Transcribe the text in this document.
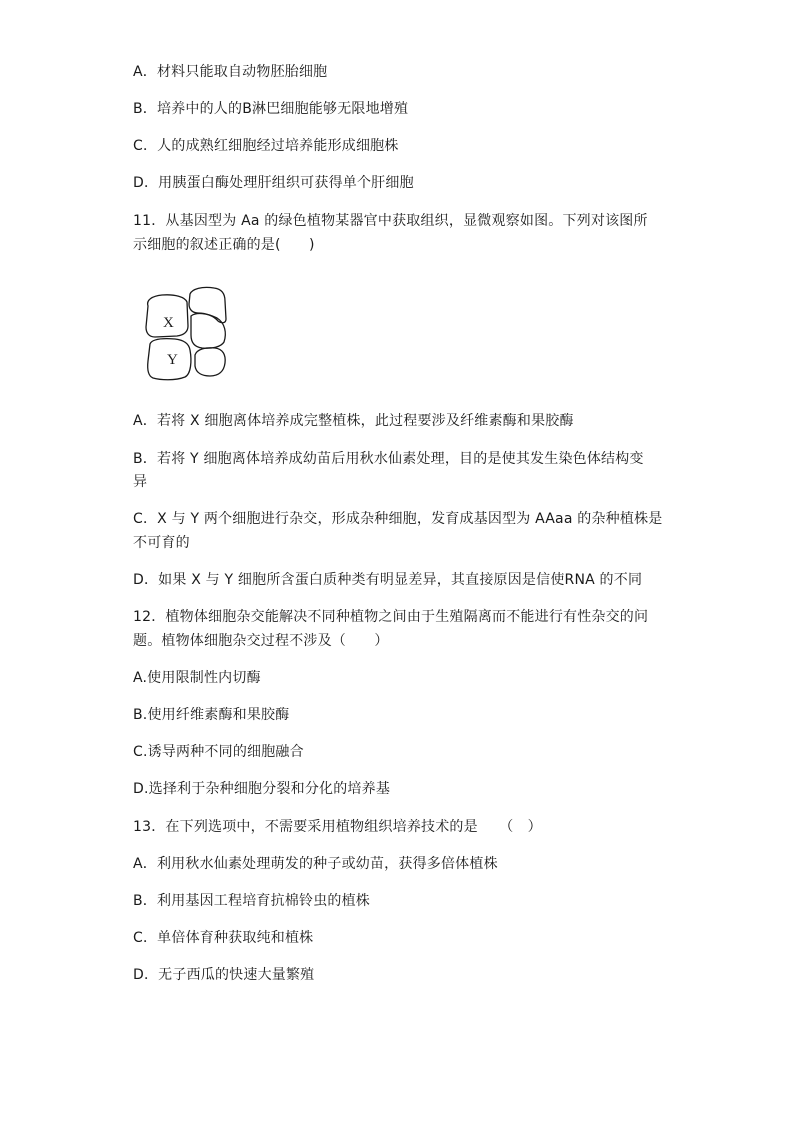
A．材料只能取自动物胚胎细胞
B．培养中的人的B淋巴细胞能够无限地增殖
C．人的成熟红细胞经过培养能形成细胞株
D．用胰蛋白酶处理肝组织可获得单个肝细胞
11．从基因型为 Aa 的绿色植物某器官中获取组织，显微观察如图。下列对该图所
示细胞的叙述正确的是(　　)
X
Y
A．若将 X 细胞离体培养成完整植株，此过程要涉及纤维素酶和果胶酶
B．若将 Y 细胞离体培养成幼苗后用秋水仙素处理，目的是使其发生染色体结构变
异
C．X 与 Y 两个细胞进行杂交，形成杂种细胞，发育成基因型为 AAaa 的杂种植株是
不可育的
D．如果 X 与 Y 细胞所含蛋白质种类有明显差异，其直接原因是信使RNA 的不同
12．植物体细胞杂交能解决不同种植物之间由于生殖隔离而不能进行有性杂交的问
题。植物体细胞杂交过程不涉及（　　）
A.使用限制性内切酶
B.使用纤维素酶和果胶酶
C.诱导两种不同的细胞融合
D.选择利于杂种细胞分裂和分化的培养基
13．在下列选项中，不需要采用植物组织培养技术的是　　（　）
A．利用秋水仙素处理萌发的种子或幼苗，获得多倍体植株
B．利用基因工程培育抗棉铃虫的植株
C．单倍体育种获取纯和植株
D．无子西瓜的快速大量繁殖
